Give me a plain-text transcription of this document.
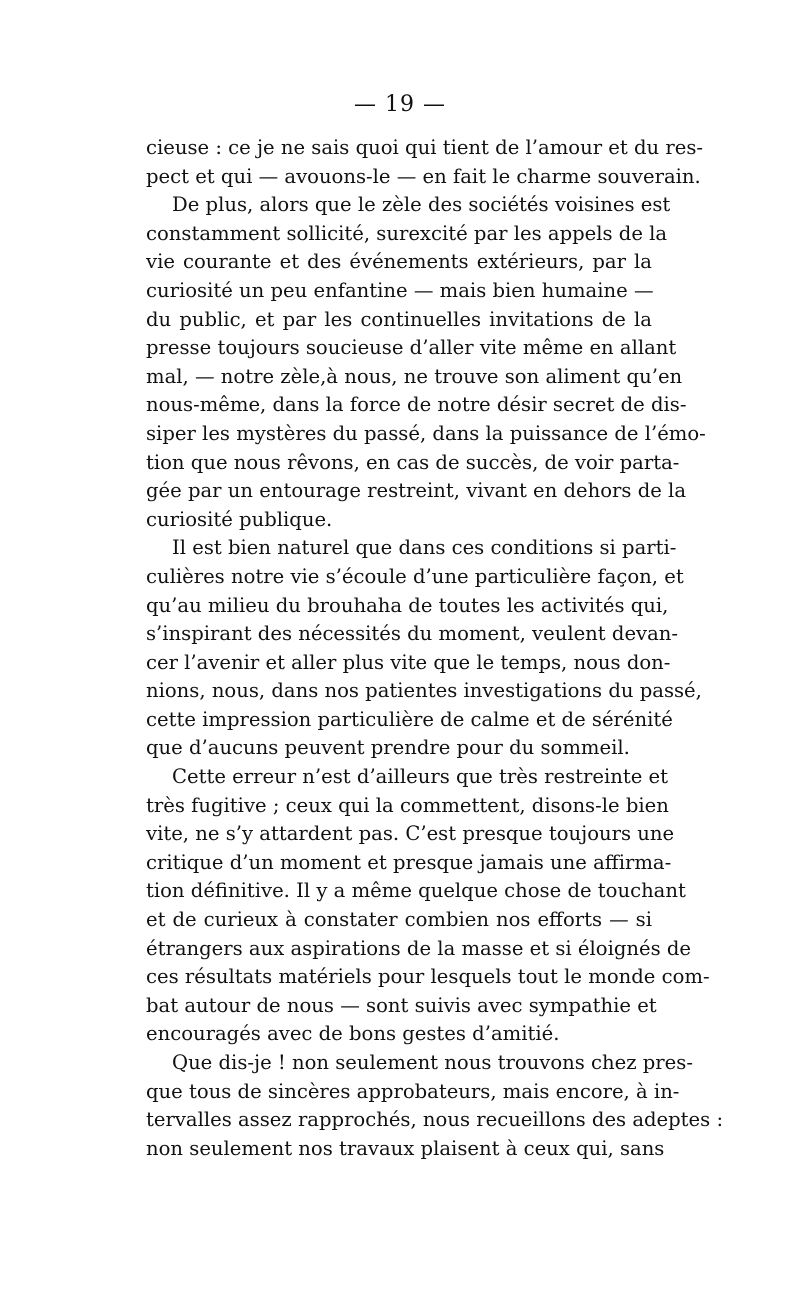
— 19 —
cieuse : ce je ne sais quoi qui tient de l’amour et du res-
pect et qui — avouons-le — en fait le charme souverain.
De plus, alors que le zèle des sociétés voisines est
constamment sollicité, surexcité par les appels de la
vie courante et des événements extérieurs, par la
curiosité un peu enfantine — mais bien humaine —
du public, et par les continuelles invitations de la
presse toujours soucieuse d’aller vite même en allant
mal, — notre zèle,à nous, ne trouve son aliment qu’en
nous-même, dans la force de notre désir secret de dis-
siper les mystères du passé, dans la puissance de l’émo-
tion que nous rêvons, en cas de succès, de voir parta-
gée par un entourage restreint, vivant en dehors de la
curiosité publique.
Il est bien naturel que dans ces conditions si parti-
culières notre vie s’écoule d’une particulière façon, et
qu’au milieu du brouhaha de toutes les activités qui,
s’inspirant des nécessités du moment, veulent devan-
cer l’avenir et aller plus vite que le temps, nous don-
nions, nous, dans nos patientes investigations du passé,
cette impression particulière de calme et de sérénité
que d’aucuns peuvent prendre pour du sommeil.
Cette erreur n’est d’ailleurs que très restreinte et
très fugitive ; ceux qui la commettent, disons-le bien
vite, ne s’y attardent pas. C’est presque toujours une
critique d’un moment et presque jamais une affirma-
tion définitive. Il y a même quelque chose de touchant
et de curieux à constater combien nos efforts — si
étrangers aux aspirations de la masse et si éloignés de
ces résultats matériels pour lesquels tout le monde com-
bat autour de nous — sont suivis avec sympathie et
encouragés avec de bons gestes d’amitié.
Que dis-je ! non seulement nous trouvons chez pres-
que tous de sincères approbateurs, mais encore, à in-
tervalles assez rapprochés, nous recueillons des adeptes :
non seulement nos travaux plaisent à ceux qui, sans
